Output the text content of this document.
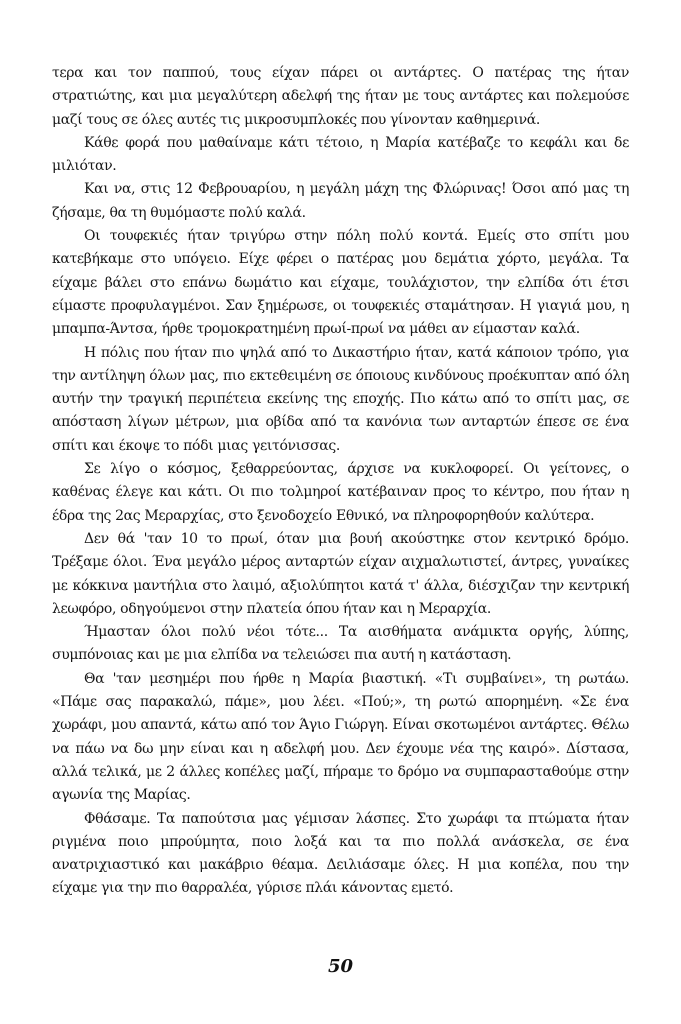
τερα και τον παππού, τους είχαν πάρει οι αντάρτες. Ο πατέρας της ήταν στρατιώτης, και μια μεγαλύτερη αδελφή της ήταν με τους αντάρτες και πολεμούσε μαζί τους σε όλες αυτές τις μικροσυμπλοκές που γίνονταν καθημερινά.

Κάθε φορά που μαθαίναμε κάτι τέτοιο, η Μαρία κατέβαζε το κεφάλι και δε μιλιόταν.

Και να, στις 12 Φεβρουαρίου, η μεγάλη μάχη της Φλώρινας! Όσοι από μας τη ζήσαμε, θα τη θυμόμαστε πολύ καλά.

Οι τουφεκιές ήταν τριγύρω στην πόλη πολύ κοντά. Εμείς στο σπίτι μου κατεβήκαμε στο υπόγειο. Είχε φέρει ο πατέρας μου δεμάτια χόρτο, μεγάλα. Τα είχαμε βάλει στο επάνω δωμάτιο και είχαμε, τουλάχιστον, την ελπίδα ότι έτσι είμαστε προφυλαγμένοι. Σαν ξημέρωσε, οι τουφεκιές σταμάτησαν. Η γιαγιά μου, η μπαμπα-Άντσα, ήρθε τρομοκρατημένη πρωί-πρωί να μάθει αν είμασταν καλά.

Η πόλις που ήταν πιο ψηλά από το Δικαστήριο ήταν, κατά κάποιον τρόπο, για την αντίληψη όλων μας, πιο εκτεθειμένη σε όποιους κινδύνους προέκυπταν από όλη αυτήν την τραγική περιπέτεια εκείνης της εποχής. Πιο κάτω από το σπίτι μας, σε απόσταση λίγων μέτρων, μια οβίδα από τα κανόνια των ανταρτών έπεσε σε ένα σπίτι και έκοψε το πόδι μιας γειτόνισσας.

Σε λίγο ο κόσμος, ξεθαρρεύοντας, άρχισε να κυκλοφορεί. Οι γείτονες, ο καθένας έλεγε και κάτι. Οι πιο τολμηροί κατέβαιναν προς το κέντρο, που ήταν η έδρα της 2ας Μεραρχίας, στο ξενοδοχείο Εθνικό, να πληροφορηθούν καλύτερα.

Δεν θά 'ταν 10 το πρωί, όταν μια βουή ακούστηκε στον κεντρικό δρόμο. Τρέξαμε όλοι. Ένα μεγάλο μέρος ανταρτών είχαν αιχμαλωτιστεί, άντρες, γυναίκες με κόκκινα μαντήλια στο λαιμό, αξιολύπητοι κατά τ' άλλα, διέσχιζαν την κεντρική λεωφόρο, οδηγούμενοι στην πλατεία όπου ήταν και η Μεραρχία.

Ήμασταν όλοι πολύ νέοι τότε... Τα αισθήματα ανάμικτα οργής, λύπης, συμπόνοιας και με μια ελπίδα να τελειώσει πια αυτή η κατάσταση.

Θα 'ταν μεσημέρι που ήρθε η Μαρία βιαστική. «Τι συμβαίνει», τη ρωτάω. «Πάμε σας παρακαλώ, πάμε», μου λέει. «Πού;», τη ρωτώ απορημένη. «Σε ένα χωράφι, μου απαντά, κάτω από τον Άγιο Γιώργη. Είναι σκοτωμένοι αντάρτες. Θέλω να πάω να δω μην είναι και η αδελφή μου. Δεν έχουμε νέα της καιρό». Δίστασα, αλλά τελικά, με 2 άλλες κοπέλες μαζί, πήραμε το δρόμο να συμπαρασταθούμε στην αγωνία της Μαρίας.

Φθάσαμε. Τα παπούτσια μας γέμισαν λάσπες. Στο χωράφι τα πτώματα ήταν ριγμένα ποιο μπρούμητα, ποιο λοξά και τα πιο πολλά ανάσκελα, σε ένα ανατριχιαστικό και μακάβριο θέαμα. Δειλιάσαμε όλες. Η μια κοπέλα, που την είχαμε για την πιο θαρραλέα, γύρισε πλάι κάνοντας εμετό.

50
